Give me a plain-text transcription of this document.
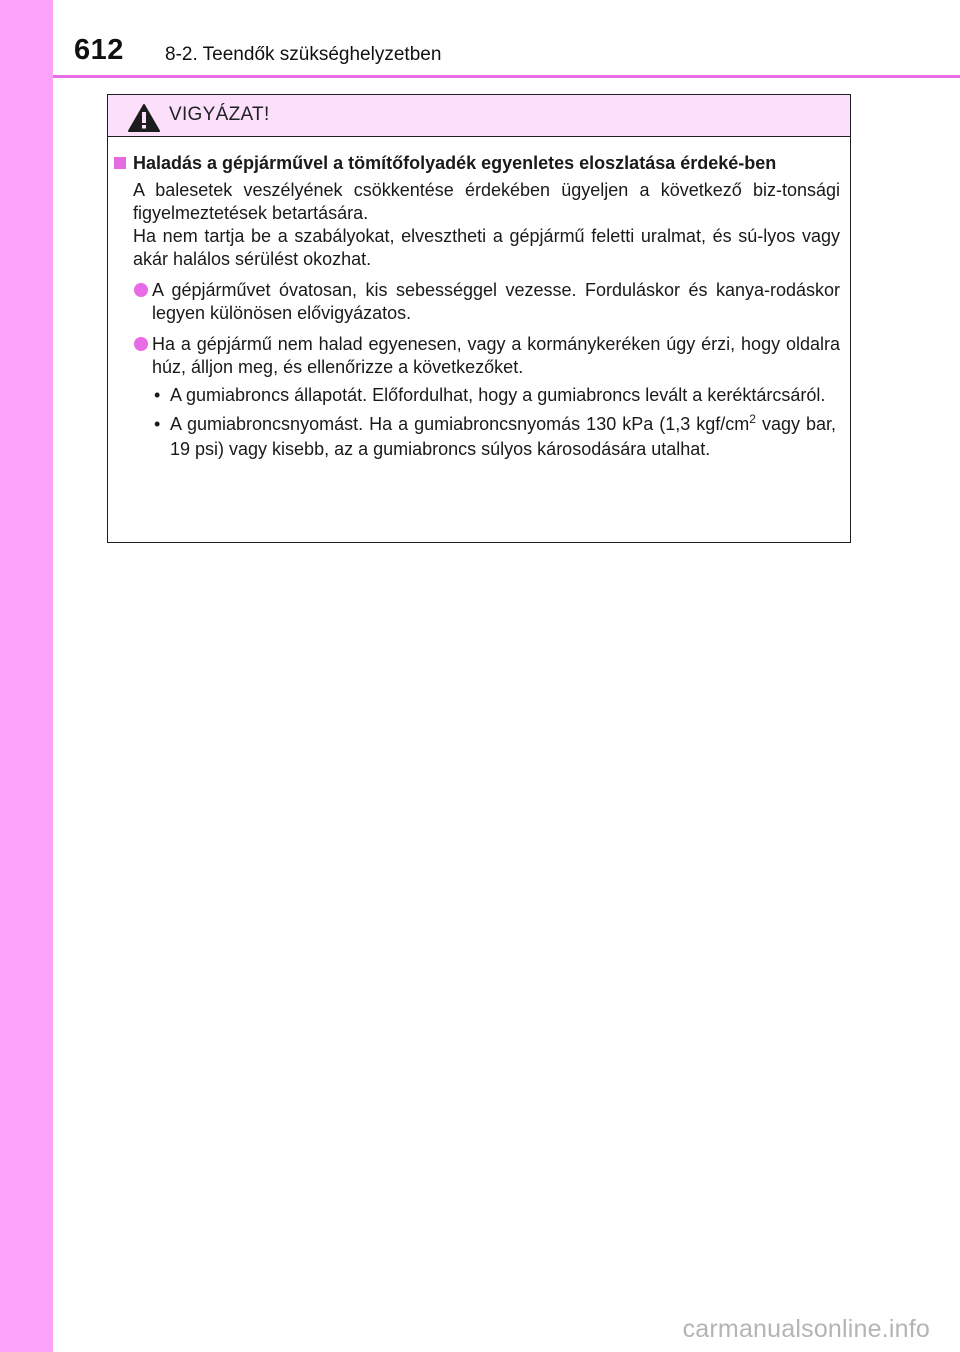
612 8-2. Teendők szükséghelyzetben
VIGYÁZAT!
Haladás a gépjárművel a tömítőfolyadék egyenletes eloszlatása érdeké-ben
A balesetek veszélyének csökkentése érdekében ügyeljen a következő biz-tonsági figyelmeztetések betartására.
Ha nem tartja be a szabályokat, elvesztheti a gépjármű feletti uralmat, és sú-lyos vagy akár halálos sérülést okozhat.
A gépjárművet óvatosan, kis sebességgel vezesse. Forduláskor és kanya-rodáskor legyen különösen elővigyázatos.
Ha a gépjármű nem halad egyenesen, vagy a kormánykeréken úgy érzi, hogy oldalra húz, álljon meg, és ellenőrizze a következőket.
• A gumiabroncs állapotát. Előfordulhat, hogy a gumiabroncs levált a keréktárcsáról.
• A gumiabroncsnyomást. Ha a gumiabroncsnyomás 130 kPa (1,3 kgf/$cm^2$ vagy bar, 19 psi) vagy kisebb, az a gumiabroncs súlyos károsodására utalhat.
carmanualsonline.info
